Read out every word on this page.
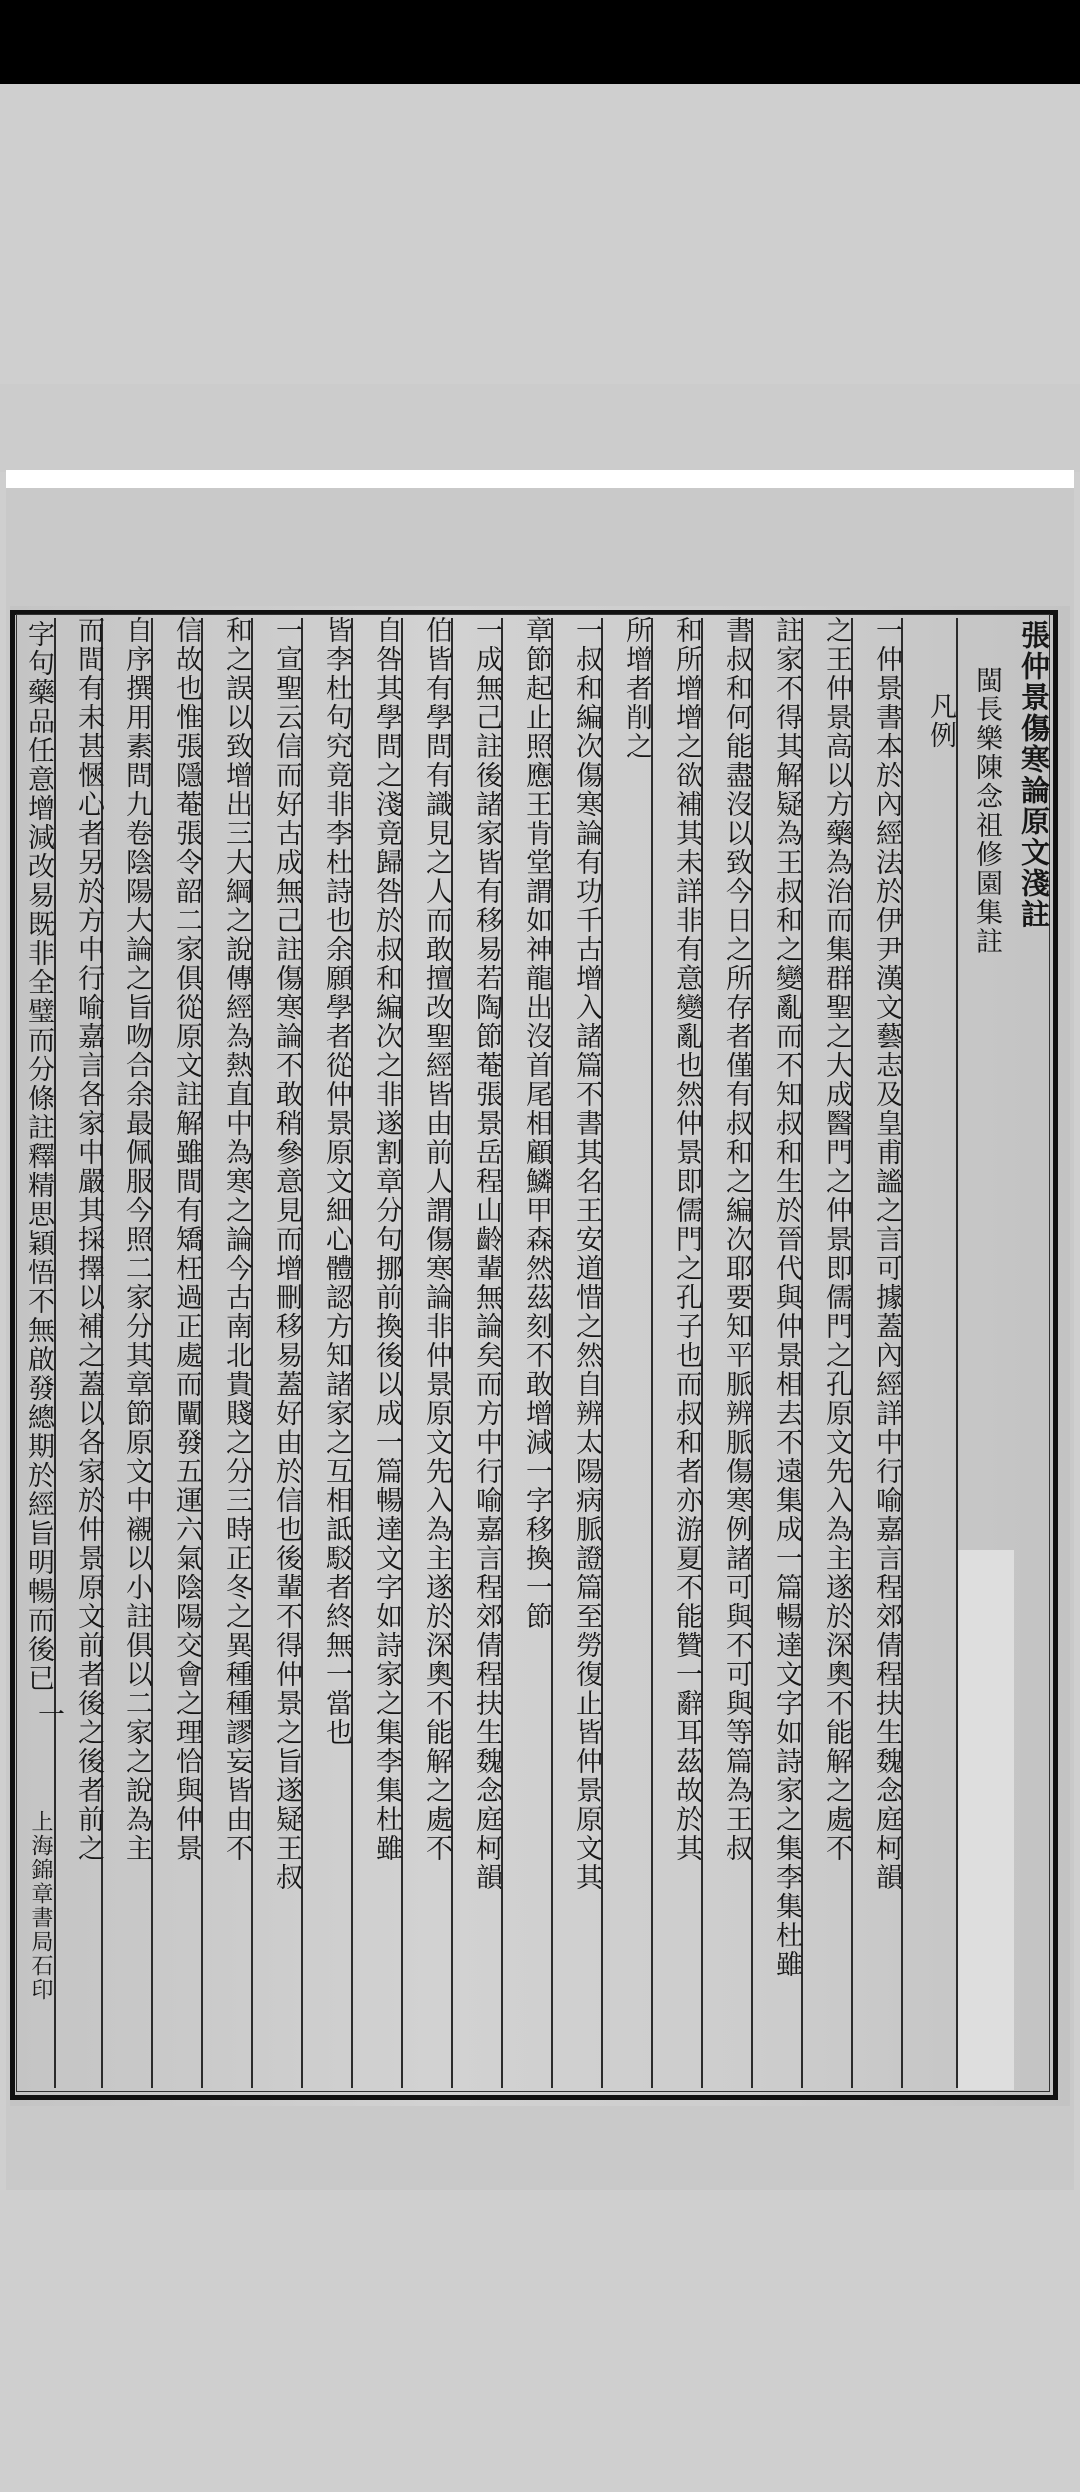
張仲景傷寒論原文淺註
閩長樂陳念祖修園集註
凡例
一仲景書本於內經法於伊尹漢文藝志及皇甫謐之言可據蓋內經詳中行喻嘉言程郊倩程扶生魏念庭柯韻
之王仲景高以方藥為治而集群聖之大成醫門之仲景即儒門之孔原文先入為主遂於深奧不能解之處不
註家不得其解疑為王叔和之變亂而不知叔和生於晉代與仲景相去不遠集成一篇暢達文字如詩家之集李集杜雖
書叔和何能盡沒以致今日之所存者僅有叔和之編次耶要知平脈辨脈傷寒例諸可與不可與等篇為王叔
和所增增之欲補其未詳非有意變亂也然仲景即儒門之孔子也而叔和者亦游夏不能贊一辭耳茲故於其
所增者削之
一叔和編次傷寒論有功千古增入諸篇不書其名王安道惜之然自辨太陽病脈證篇至勞復止皆仲景原文其
章節起止照應王肯堂謂如神龍出沒首尾相顧鱗甲森然茲刻不敢增減一字移換一節
一成無己註後諸家皆有移易若陶節菴張景岳程山齡輩無論矣而方中行喻嘉言程郊倩程扶生魏念庭柯韻
伯皆有學問有識見之人而敢擅改聖經皆由前人謂傷寒論非仲景原文先入為主遂於深奧不能解之處不
自咎其學問之淺竟歸咎於叔和編次之非遂割章分句挪前換後以成一篇暢達文字如詩家之集李集杜雖
皆李杜句究竟非李杜詩也余願學者從仲景原文細心體認方知諸家之互相詆駁者終無一當也
一宣聖云信而好古成無己註傷寒論不敢稍參意見而增刪移易蓋好由於信也後輩不得仲景之旨遂疑王叔
和之誤以致增出三大綱之說傳經為熱直中為寒之論今古南北貴賤之分三時正冬之異種種謬妄皆由不
信故也惟張隱菴張令韶二家俱從原文註解雖間有矯枉過正處而闡發五運六氣陰陽交會之理恰與仲景
自序撰用素問九卷陰陽大論之旨吻合余最佩服今照二家分其章節原文中襯以小註俱以二家之說為主
而間有未甚愜心者另於方中行喻嘉言各家中嚴其採擇以補之蓋以各家於仲景原文前者後之後者前之
字句藥品任意增減改易既非全璧而分條註釋精思穎悟不無啟發總期於經旨明暢而後已
上海錦章書局石印
一
